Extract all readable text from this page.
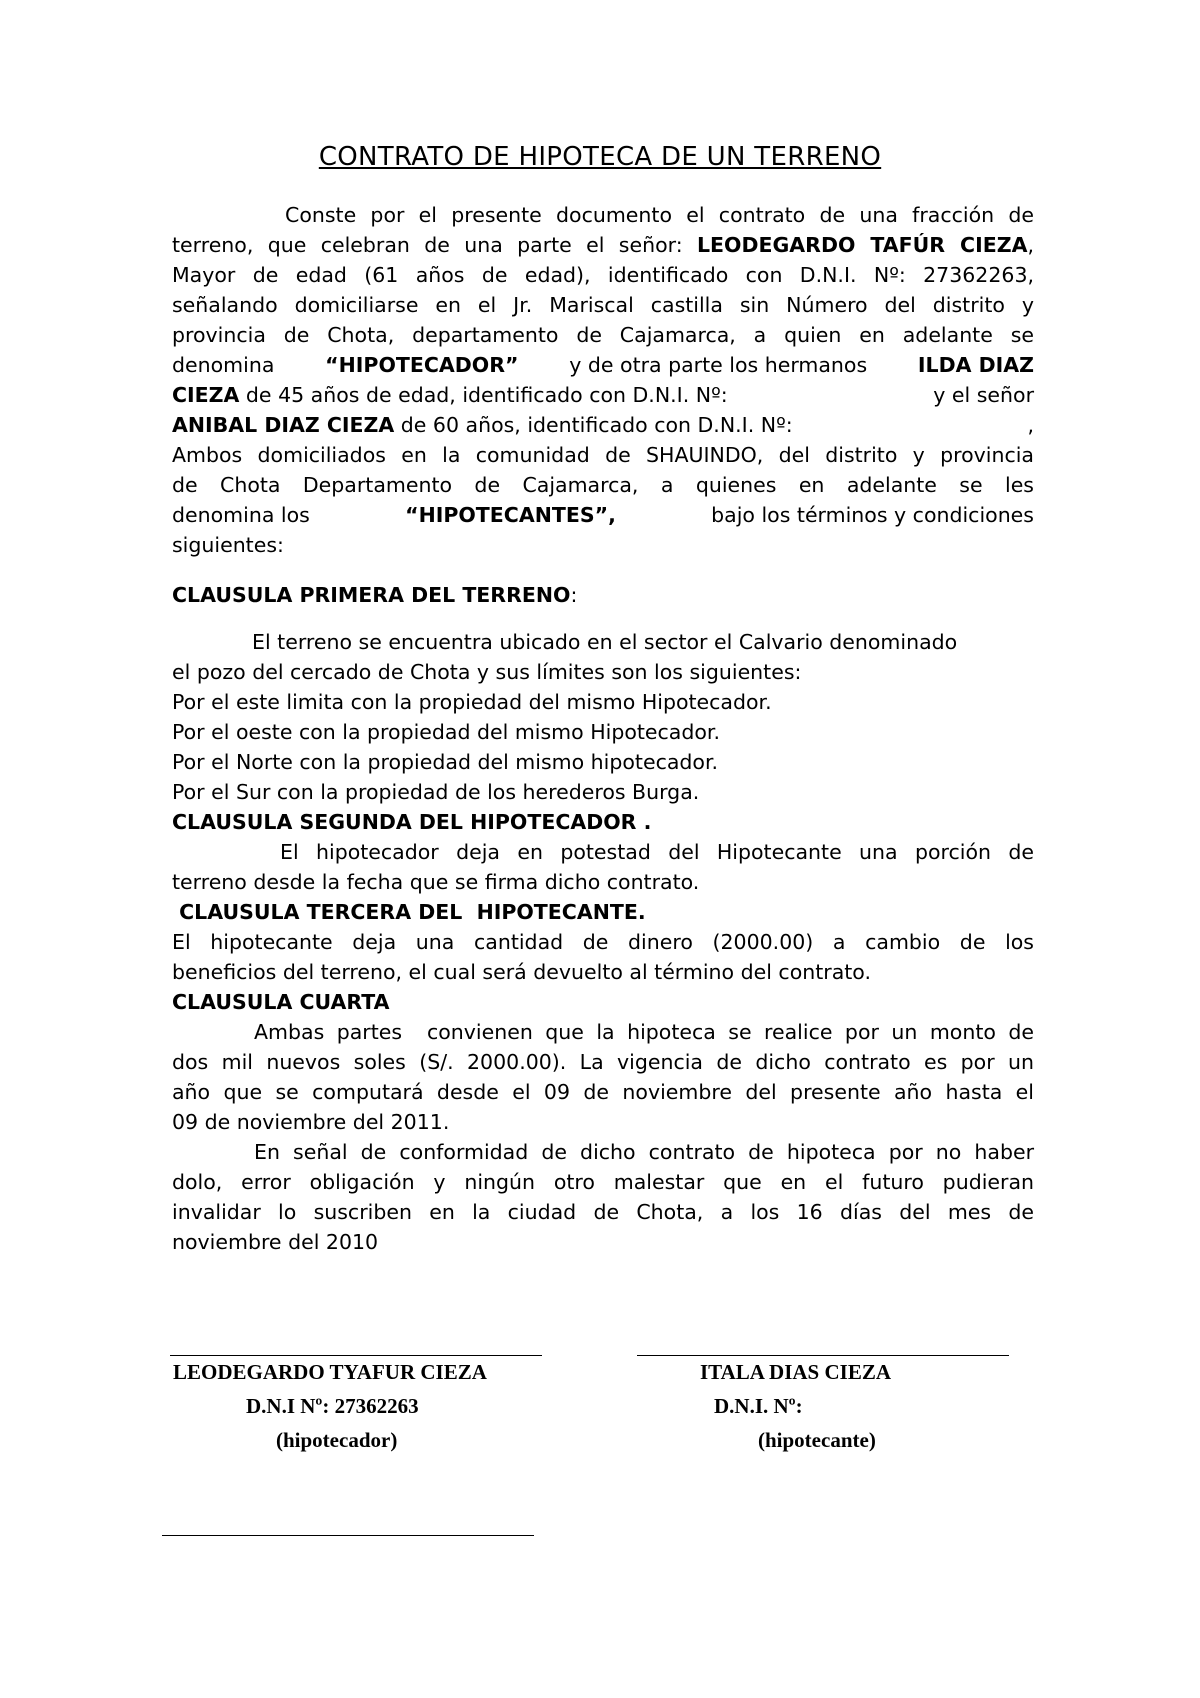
CONTRATO DE HIPOTECA DE UN TERRENO
Conste por el presente documento el contrato de una fracción de
terreno, que celebran de una parte el señor: LEODEGARDO TAFÚR CIEZA,
Mayor de edad (61 años de edad), identificado con D.N.I. Nº: 27362263,
señalando domiciliarse en el Jr. Mariscal castilla sin Número del distrito y
provincia de Chota, departamento de Cajamarca, a quien en adelante se
denomina “HIPOTECADOR” y de otra parte los hermanos ILDA DIAZ
CIEZA de 45 años de edad, identificado con D.N.I. Nº:	y el señor
ANIBAL DIAZ CIEZA de 60 años, identificado con D.N.I. Nº:	,
Ambos domiciliados en la comunidad de SHAUINDO, del distrito y provincia
de Chota Departamento de Cajamarca, a quienes en adelante se les
denomina los	“HIPOTECANTES”,	bajo los términos y condiciones
siguientes:
CLAUSULA PRIMERA DEL TERRENO:
El terreno se encuentra ubicado en el sector el Calvario denominado
el pozo del cercado de Chota y sus límites son los siguientes:
Por el este limita con la propiedad del mismo Hipotecador.
Por el oeste con la propiedad del mismo Hipotecador.
Por el Norte con la propiedad del mismo hipotecador.
Por el Sur con la propiedad de los herederos Burga.
CLAUSULA SEGUNDA DEL HIPOTECADOR .
El hipotecador deja en potestad del Hipotecante una porción de
terreno desde la fecha que se firma dicho contrato.
CLAUSULA TERCERA DEL  HIPOTECANTE.
El hipotecante deja una cantidad de dinero (2000.00) a cambio de los
beneficios del terreno, el cual será devuelto al término del contrato.
CLAUSULA CUARTA
Ambas partes  convienen que la hipoteca se realice por un monto de
dos mil nuevos soles (S/. 2000.00). La vigencia de dicho contrato es por un
año que se computará desde el 09 de noviembre del presente año hasta el
09 de noviembre del 2011.
En señal de conformidad de dicho contrato de hipoteca por no haber
dolo, error obligación y ningún otro malestar que en el futuro pudieran
invalidar lo suscriben en la ciudad de Chota, a los 16 días del mes de
noviembre del 2010
LEODEGARDO TYAFUR CIEZA
D.N.I Nº: 27362263
(hipotecador)
ITALA DIAS CIEZA
D.N.I. Nº:
(hipotecante)
